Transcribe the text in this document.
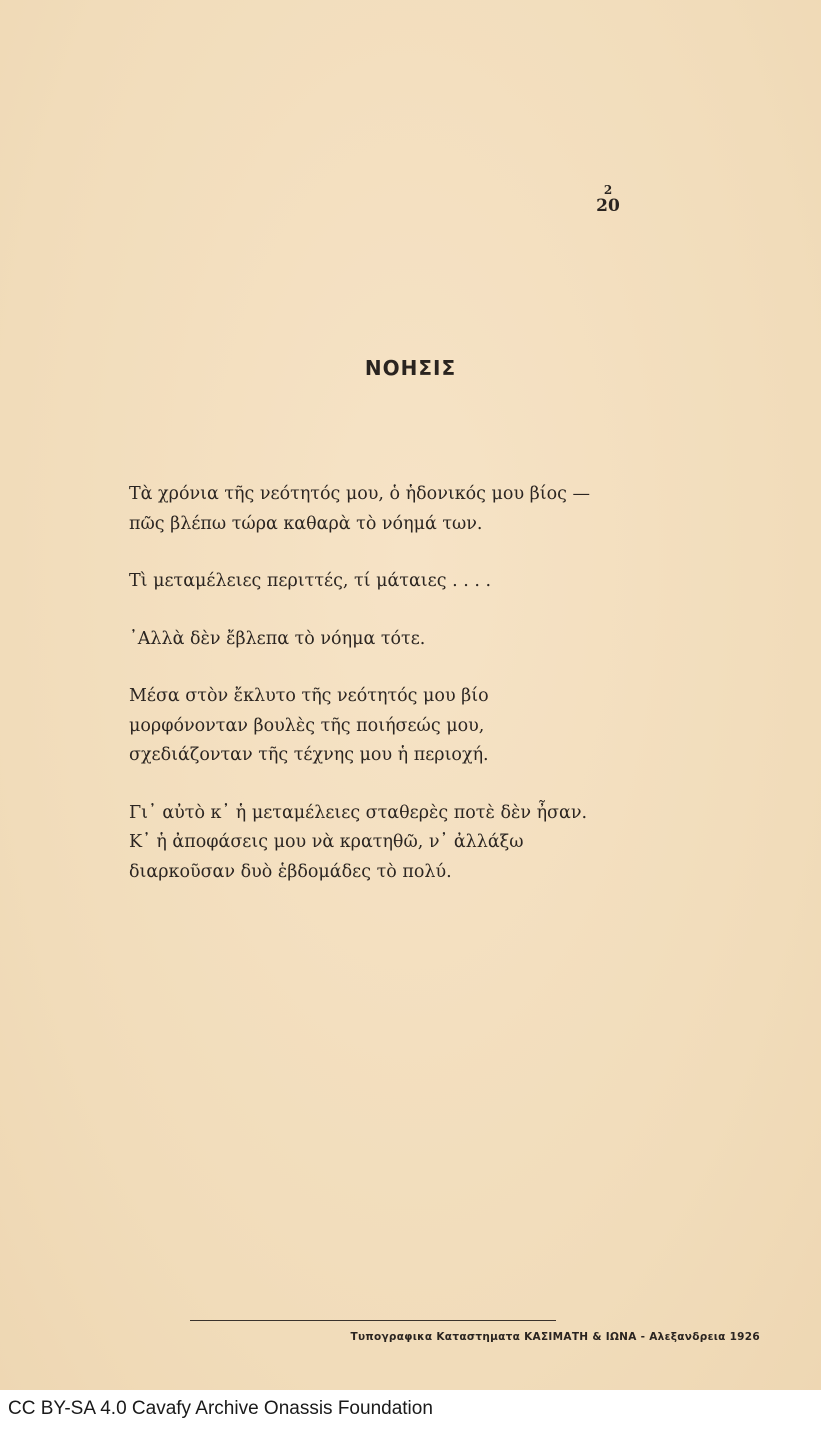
2
20
ΝΟΗΣΙΣ
Τὰ χρόνια τῆς νεότητός μου, ὁ ἡδονικός μου βίος —
πῶς βλέπω τώρα καθαρὰ τὸ νόημά των.
Τὶ μεταμέλειες περιττές, τί μάταιες . . . .
᾿Αλλὰ δὲν ἔβλεπα τὸ νόημα τότε.
Μέσα στὸν ἔκλυτο τῆς νεότητός μου βίο
μορφόνονταν βουλὲς τῆς ποιήσεώς μου,
σχεδιάζονταν τῆς τέχνης μου ἡ περιοχή.
Γι᾿ αὐτὸ κ᾿ ἡ μεταμέλειες σταθερὲς ποτὲ δὲν ἦσαν.
Κ᾿ ἡ ἀποφάσεις μου νὰ κρατηθῶ, ν᾿ ἀλλάξω
διαρκοῦσαν δυὸ ἑβδομάδες τὸ πολύ.
Τυπογραφικα Καταστηματα ΚΑΣΙΜΑΤΗ & ΙΩΝΑ - Αλεξανδρεια 1926
CC BY-SA 4.0 Cavafy Archive Onassis Foundation
